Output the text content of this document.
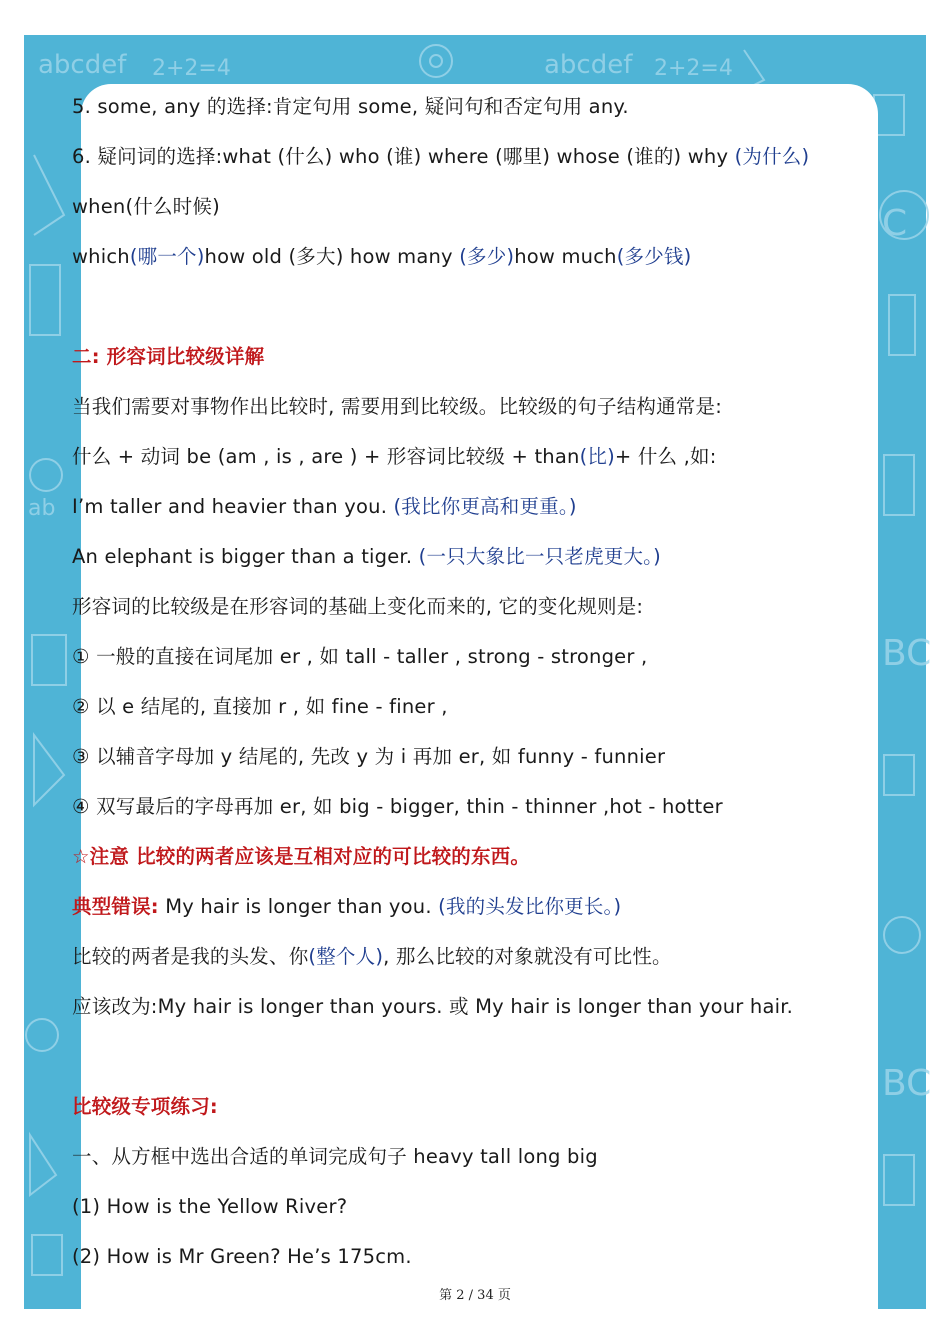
abcdef 2+2=4	abcdef 2+2=4
C
ab
BC
BC
5. some, any 的选择:肯定句用 some, 疑问句和否定句用 any.
6. 疑问词的选择:what (什么) who (谁) where (哪里) whose (谁的) why (为什么)
when(什么时候)
which(哪一个)how old (多大) how many (多少)how much(多少钱)
二: 形容词比较级详解
当我们需要对事物作出比较时, 需要用到比较级。比较级的句子结构通常是:
什么 + 动词 be (am , is , are ) + 形容词比较级 + than(比)+ 什么 ,如:
I’m taller and heavier than you. (我比你更高和更重。)
An elephant is bigger than a tiger. (一只大象比一只老虎更大。)
形容词的比较级是在形容词的基础上变化而来的, 它的变化规则是:
① 一般的直接在词尾加 er , 如 tall - taller , strong - stronger ,
② 以 e 结尾的, 直接加 r , 如 fine - finer ,
③ 以辅音字母加 y 结尾的, 先改 y 为 i 再加 er, 如 funny - funnier
④ 双写最后的字母再加 er, 如 big - bigger, thin - thinner ,hot - hotter
☆注意 比较的两者应该是互相对应的可比较的东西。
典型错误: My hair is longer than you. (我的头发比你更长。)
比较的两者是我的头发、你(整个人), 那么比较的对象就没有可比性。
应该改为:My hair is longer than yours. 或 My hair is longer than your hair.
比较级专项练习:
一、从方框中选出合适的单词完成句子 heavy tall long big
(1) How is the Yellow River?
(2) How is Mr Green? He’s 175cm.
第 2 / 34 页
